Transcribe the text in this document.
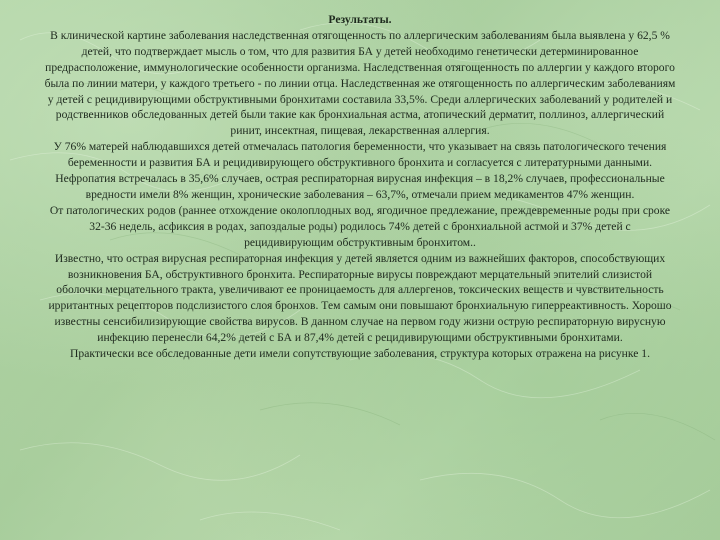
Результаты.

В клинической картине заболевания наследственная отягощенность по аллергическим заболеваниям была выявлена у 62,5 % детей, что подтверждает мысль о том, что для развития БА у детей необходимо генетически детерминированное предрасположение, иммунологические особенности организма. Наследственная отягощенность по аллергии у каждого второго была по линии матери, у каждого третьего - по линии отца. Наследственная же отягощенность по аллергическим заболеваниям у детей с рецидивирующими обструктивными бронхитами составила 33,5%. Среди аллергических заболеваний у родителей и родственников обследованных детей были такие как бронхиальная астма, атопический дерматит, поллиноз, аллергический ринит, инсектная, пищевая, лекарственная аллергия.

У 76% матерей наблюдавшихся детей отмечалась патология беременности, что указывает на связь патологического течения беременности и развития БА и рецидивирующего обструктивного бронхита и согласуется с литературными данными. Нефропатия встречалась в 35,6% случаев, острая респираторная вирусная инфекция – в 18,2% случаев, профессиональные вредности имели 8% женщин, хронические заболевания – 63,7%, отмечали прием медикаментов 47% женщин.

От патологических родов (раннее отхождение околоплодных вод, ягодичное предлежание, преждевременные роды при сроке 32-36 недель, асфиксия в родах, запоздалые роды) родилось 74% детей с бронхиальной астмой и 37% детей с рецидивирующим обструктивным бронхитом..

Известно, что острая вирусная респираторная инфекция у детей является одним из важнейших факторов, способствующих возникновения БА, обструктивного бронхита. Респираторные вирусы повреждают мерцательный эпителий слизистой оболочки мерцательного тракта, увеличивают ее проницаемость для аллергенов, токсических веществ и чувствительность ирритантных рецепторов подслизистого слоя бронхов. Тем самым они повышают бронхиальную гиперреактивность. Хорошо известны сенсибилизирующие свойства вирусов. В данном случае на первом году жизни острую респираторную вирусную инфекцию перенесли 64,2% детей с БА и 87,4% детей с рецидивирующими обструктивными бронхитами.

Практически все обследованные дети имели сопутствующие заболевания, структура которых отражена на рисунке 1.
